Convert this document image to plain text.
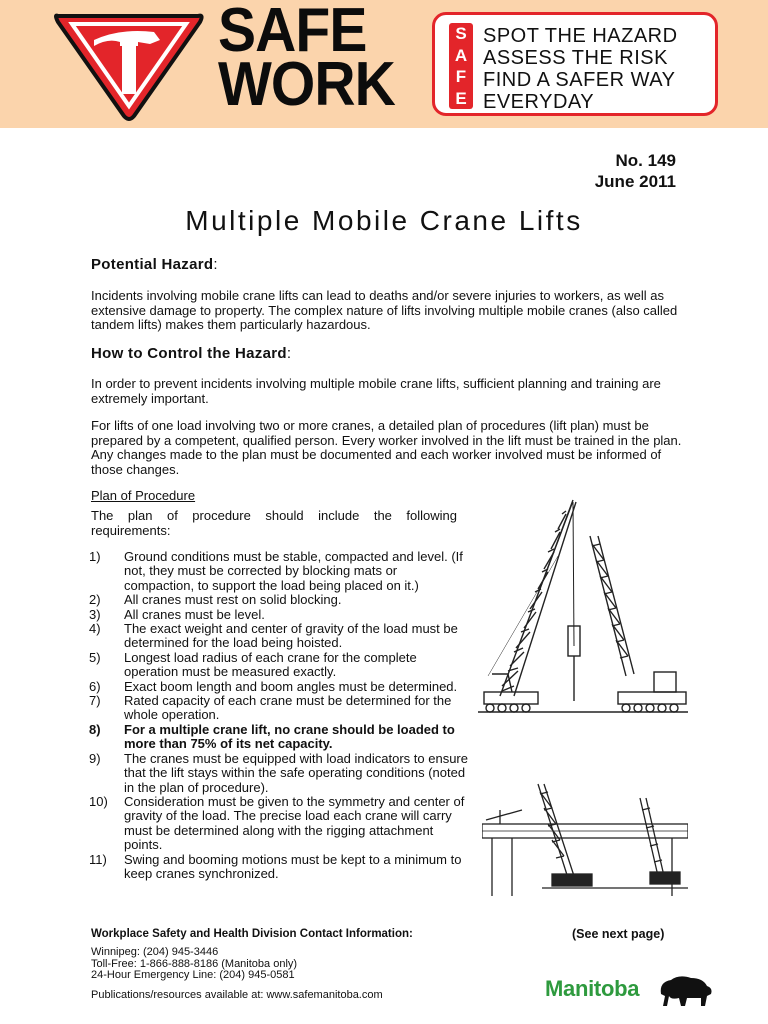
SAFE
WORK
S
A
F
E
SPOT THE HAZARD
ASSESS THE RISK
FIND A SAFER WAY
EVERYDAY
No. 149
June 2011
Multiple Mobile Crane Lifts
Potential Hazard:
Incidents involving mobile crane lifts can lead to deaths and/or severe injuries to workers, as well as extensive damage to property. The complex nature of lifts involving multiple mobile cranes (also called tandem lifts) makes them particularly hazardous.
How to Control the Hazard:
In order to prevent incidents involving multiple mobile crane lifts, sufficient planning and training are extremely important.
For lifts of one load involving two or more cranes, a detailed plan of procedures (lift plan) must be prepared by a competent, qualified person. Every worker involved in the lift must be trained in the plan. Any changes made to the plan must be documented and each worker involved must be informed of those changes.
Plan of Procedure
The plan of procedure should include the following requirements:
1)	Ground conditions must be stable, compacted and level. (If not, they must be corrected by blocking mats or compaction, to support the load being placed on it.)
2)	All cranes must rest on solid blocking.
3)	All cranes must be level.
4)	The exact weight and center of gravity of the load must be determined for the load being hoisted.
5)	Longest load radius of each crane for the complete operation must be measured exactly.
6)	Exact boom length and boom angles must be determined.
7)	Rated capacity of each crane must be determined for the whole operation.
8)	For a multiple crane lift, no crane should be loaded to more than 75% of its net capacity.
9)	The cranes must be equipped with load indicators to ensure that the lift stays within the safe operating conditions (noted in the plan of procedure).
10)	Consideration must be given to the symmetry and center of gravity of the load. The precise load each crane will carry must be determined along with the rigging attachment points.
11)	Swing and booming motions must be kept to a minimum to keep cranes synchronized.
Workplace Safety and Health Division Contact Information:	(See next page)
Winnipeg: (204) 945-3446
Toll-Free: 1-866-888-8186 (Manitoba only)
24-Hour Emergency Line: (204) 945-0581
Publications/resources available at: www.safemanitoba.com	Manitoba
